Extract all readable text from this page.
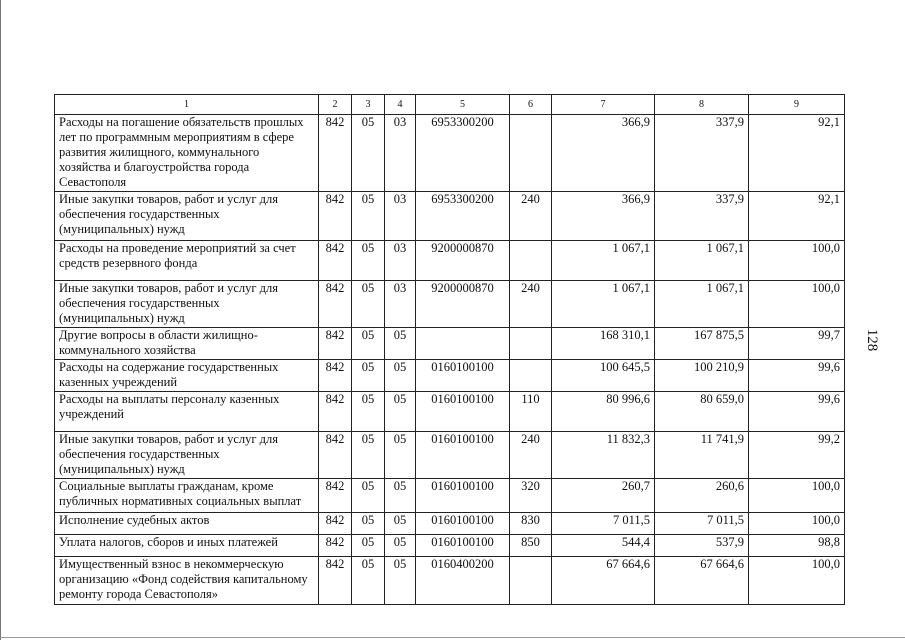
1	2	3	4	5	6	7	8	9
Расходы на погашение обязательств прошлых лет по программным мероприятиям в сфере развития жилищного, коммунального хозяйства и благоустройства города Севастополя	842	05	03	6953300200		366,9	337,9	92,1
Иные закупки товаров, работ и услуг для обеспечения государственных (муниципальных) нужд	842	05	03	6953300200	240	366,9	337,9	92,1
Расходы на проведение мероприятий за счет средств резервного фонда	842	05	03	9200000870		1 067,1	1 067,1	100,0
Иные закупки товаров, работ и услуг для обеспечения государственных (муниципальных) нужд	842	05	03	9200000870	240	1 067,1	1 067,1	100,0
Другие вопросы в области жилищно-коммунального хозяйства	842	05	05			168 310,1	167 875,5	99,7
Расходы на содержание государственных казенных учреждений	842	05	05	0160100100		100 645,5	100 210,9	99,6
Расходы на выплаты персоналу казенных учреждений	842	05	05	0160100100	110	80 996,6	80 659,0	99,6
Иные закупки товаров, работ и услуг для обеспечения государственных (муниципальных) нужд	842	05	05	0160100100	240	11 832,3	11 741,9	99,2
Социальные выплаты гражданам, кроме публичных нормативных социальных выплат	842	05	05	0160100100	320	260,7	260,6	100,0
Исполнение судебных актов	842	05	05	0160100100	830	7 011,5	7 011,5	100,0
Уплата налогов, сборов и иных платежей	842	05	05	0160100100	850	544,4	537,9	98,8
Имущественный взнос в некоммерческую организацию «Фонд содействия капитальному ремонту города Севастополя»	842	05	05	0160400200		67 664,6	67 664,6	100,0
128
